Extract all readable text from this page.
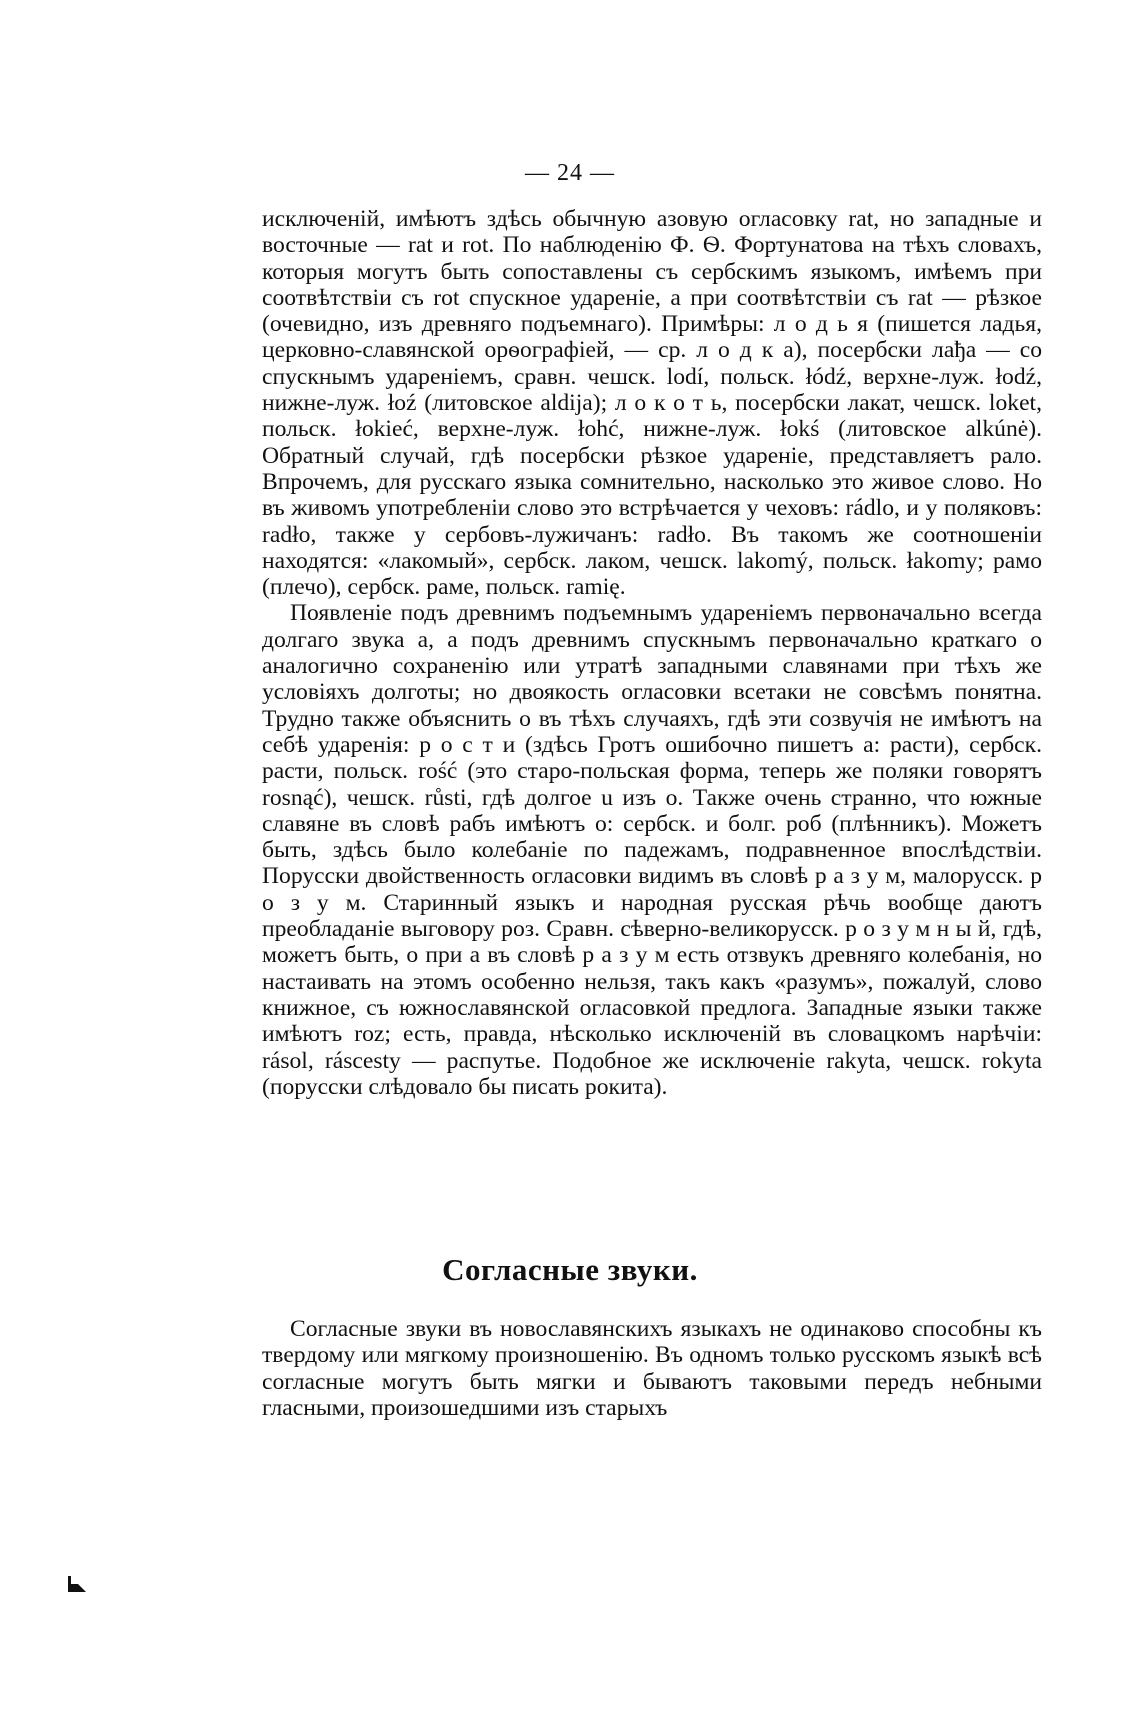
— 24 —

исключеній, имѣютъ здѣсь обычную азовую огласовку rat, но западные и восточные — rat и rot. По наблюденію Ф. Ѳ. Фортунатова на тѣхъ словахъ, которыя могутъ быть сопоставлены съ сербскимъ языкомъ, имѣемъ при соотвѣтствіи съ rot спускное удареніе, а при соотвѣтствіи съ rat — рѣзкое (очевидно, изъ древняго подъемнаго). Примѣры: л о д ь я (пишется ладья, церковно-славянской орѳографіей, — ср. л о д к а), посербски лађа — со спускнымъ удареніемъ, сравн. чешск. lodí, польск. łódź, верхне-луж. łodź, нижне-луж. łoź (литовское aldija); л о к о т ь, посербски лакат, чешск. loket, польск. łokieć, верхне-луж. łohć, нижне-луж. łokś (литовское alkúnė). Обратный случай, гдѣ посербски рѣзкое удареніе, представляетъ рало. Впрочемъ, для русскаго языка сомнительно, насколько это живое слово. Но въ живомъ употребленіи слово это встрѣчается у чеховъ: rádlo, и у поляковъ: radło, также у сербовъ-лужичанъ: radło. Въ такомъ же соотношеніи находятся: «лакомый», сербск. лаком, чешск. lakomý, польск. łakomy; рамо (плечо), сербск. раме, польск. ramię.

Появленіе подъ древнимъ подъемнымъ удареніемъ первоначально всегда долгаго звука а, а подъ древнимъ спускнымъ первоначально краткаго о аналогично сохраненію или утратѣ западными славянами при тѣхъ же условіяхъ долготы; но двоякость огласовки всетаки не совсѣмъ понятна. Трудно также объяснить о въ тѣхъ случаяхъ, гдѣ эти созвучія не имѣютъ на себѣ ударенія: р о с т и (здѣсь Гротъ ошибочно пишетъ а: расти), сербск. расти, польск. rość (это старо-польская форма, теперь же поляки говорятъ rosnąć), чешск. růsti, гдѣ долгое u изъ о. Также очень странно, что южные славяне въ словѣ рабъ имѣютъ о: сербск. и болг. роб (плѣнникъ). Можетъ быть, здѣсь было колебаніе по падежамъ, подравненное впослѣдствіи. Порусски двойственность огласовки видимъ въ словѣ р а з у м, малорусск. р о з у м. Старинный языкъ и народная русская рѣчь вообще даютъ преобладаніе выговору роз. Сравн. сѣверно-великорусск. р о з у м н ы й, гдѣ, можетъ быть, о при а въ словѣ р а з у м есть отзвукъ древняго колебанія, но настаивать на этомъ особенно нельзя, такъ какъ «разумъ», пожалуй, слово книжное, съ южнославянской огласовкой предлога. Западные языки также имѣютъ roz; есть, правда, нѣсколько исключеній въ словацкомъ нарѣчіи: rásol, rásceѕty — распутье. Подобное же исключеніе rakyta, чешск. rokyta (порусски слѣдовало бы писать рокита).

Согласные звуки.

Согласные звуки въ новославянскихъ языкахъ не одинаково способны къ твердому или мягкому произношенію. Въ одномъ только русскомъ языкѣ всѣ согласные могутъ быть мягки и бываютъ таковыми передъ небными гласными, произошедшими изъ старыхъ
